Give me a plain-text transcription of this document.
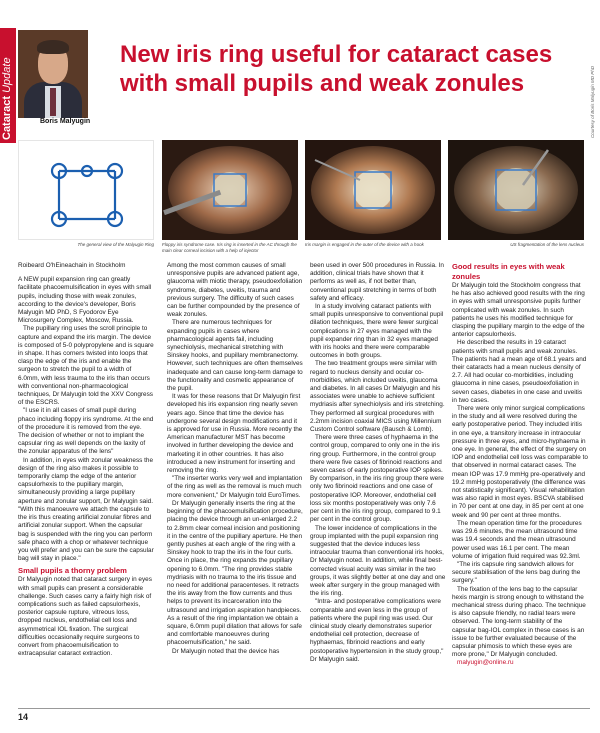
Cataract Update
Boris Malyugin
New iris ring useful for cataract cases with small pupils and weak zonules	Courtesy of Boris Malyugin MD PhD
The general view of the Malyugin Ring Floppy iris syndrome case. Iris ring is inserted in the AC through the main clear corneal incision with a help of injector
Iris margin is engaged in the outer of the device with a hook	US fragmentation of the lens nucleus
Roibeard O'hEineachain in Stockholm

A NEW pupil expansion ring can greatly facilitate phacoemulsification in eyes with small pupils, including those with weak zonules, according to the device's developer, Boris Malyugin MD PhD, S Fyodorov Eye Microsurgery Complex, Moscow, Russia.

The pupillary ring uses the scroll principle to capture and expand the iris margin. The device is composed of 5-0 polypropylene and is square in shape. It has corners twisted into loops that clasp the edge of the iris and enable the surgeon to stretch the pupil to a width of 6.0mm, with less trauma to the iris than occurs with conventional non-pharmacological techniques, Dr Malyugin told the XXV Congress of the ESCRS.

"I use it in all cases of small pupil during phaco including floppy iris syndrome. At the end of the procedure it is removed from the eye. The decision of whether or not to implant the capsular ring as well depends on the laxity of the zonular apparatus of the lens"

In addition, in eyes with zonular weakness the design of the ring also makes it possible to temporarily clamp the edge of the anterior capsulorhexis to the pupillary margin, simultaneously providing a large pupillary aperture and zonular support, Dr Malyugin said. "With this manoeuvre we attach the capsule to the iris thus creating artificial zonular fibres and artificial zonular support. When the capsular bag is suspended with the ring you can perform safe phaco with a chop or whatever technique you will prefer and you can be sure the capsular bag will stay in place."

Small pupils a thorny problem

Dr Malyugin noted that cataract surgery in eyes with small pupils can present a considerable challenge. Such cases carry a fairly high risk of complications such as failed capsulorhexis, posterior capsule rupture, vitreous loss, dropped nucleus, endothelial cell loss and asymmetrical IOL fixation. The surgical difficulties occasionally require surgeons to convert from phacoemulsification to extracapsular cataract extraction.

Among the most common causes of small unresponsive pupils are advanced patient age, glaucoma with miotic therapy, pseudoexfoliation syndrome, diabetes, uveitis, trauma and previous surgery. The difficulty of such cases can be further compounded by the presence of weak zonules.

There are numerous techniques for expanding pupils in cases where pharmacological agents fail, including synechiolysis, mechanical stretching with Sinskey hooks, and pupillary membranectomy. However, such techniques are often themselves inadequate and can cause long-term damage to the functionality and cosmetic appearance of the pupil.

It was for these reasons that Dr Malyugin first developed his iris expansion ring nearly seven years ago. Since that time the device has undergone several design modifications and it is approved for use in Russia. More recently the American manufacturer MST has become involved in further developing the device and marketing it in other countries. It has also introduced a new instrument for inserting and removing the ring.

"The inserter works very well and implantation of the ring as well as the removal is much much more convenient," Dr Malyugin told EuroTimes.

Dr Malyugin generally inserts the ring at the beginning of the phacoemulsification procedure, placing the device through an un-enlarged 2.2 to 2.8mm clear corneal incision and positioning it in the centre of the pupillary aperture. He then gently pushes at each angle of the ring with a Sinskey hook to trap the iris in the four curls. Once in place, the ring expands the pupillary opening to 6.0mm. "The ring provides stable mydriasis with no trauma to the iris tissue and no need for additional paracenteses. It retracts the iris away from the flow currents and thus helps to prevent its incarceration into the ultrasound and irrigation aspiration handpieces. As a result of the ring implantation we obtain a square, 6.0mm pupil dilation that allows for safe and comfortable manoeuvres during phacoemulsification," he said.

Dr Malyugin noted that the device has

been used in over 500 procedures in Russia. In addition, clinical trials have shown that it performs as well as, if not better than, conventional pupil stretching in terms of both safety and efficacy.

In a study involving cataract patients with small pupils unresponsive to conventional pupil dilation techniques, there were fewer surgical complications in 27 eyes managed with the pupil expander ring than in 32 eyes managed with iris hooks and there were comparable outcomes in both groups.

The two treatment groups were similar with regard to nucleus density and ocular co-morbidities, which included uveitis, glaucoma and diabetes. In all cases Dr Malyugin and his associates were unable to achieve sufficient mydriasis after synechiolysis and iris stretching. They performed all surgical procedures with 2.2mm incision coaxial MICS using Millennium Custom Control software (Bausch & Lomb).

There were three cases of hyphaema in the control group, compared to only one in the iris ring group. Furthermore, in the control group there were five cases of fibrinoid reactions and seven cases of early postoperative IOP spikes. By comparison, in the iris ring group there were only two fibrinoid reactions and one case of postoperative IOP. Moreover, endothelial cell loss six months postoperatively was only 7.6 per cent in the iris ring group, compared to 9.1 per cent in the control group.

The lower incidence of complications in the group implanted with the pupil expansion ring suggested that the device induces less intraocular trauma than conventional iris hooks, Dr Malyugin noted. In addition, while final best-corrected visual acuity was similar in the two groups, it was slightly better at one day and one week after surgery in the group managed with the iris ring.

"Intra- and postoperative complications were comparable and even less in the group of patients where the pupil ring was used. Our clinical study clearly demonstrates superior endothelial cell protection, decrease of hyphaemas, fibrinoid reactions and early postoperative hypertension in the study group," Dr Malyugin said.

Good results in eyes with weak zonules

Dr Malyugin told the Stockholm congress that he has also achieved good results with the ring in eyes with small unresponsive pupils further complicated with weak zonules. In such patients he uses his modified technique for clasping the pupillary margin to the edge of the anterior capsulorhexis.

He described the results in 19 cataract patients with small pupils and weak zonules. The patients had a mean age of 68.1 years and their cataracts had a mean nucleus density of 2.7. All had ocular co-morbidities, including glaucoma in nine cases, pseudoexfoliation in seven cases, diabetes in one case and uveitis in two cases.

There were only minor surgical complications in the study and all were resolved during the early postoperative period. They included iritis in one eye, a transitory increase in intraocular pressure in three eyes, and micro-hyphaema in one eye. In general, the effect of the surgery on IOP and endothelial cell loss was comparable to that observed in normal cataract cases. The mean IOP was 17.9 mmHg pre-operatively and 19.2 mmHg postoperatively (the difference was not statistically significant). Visual rehabilitation was also rapid in most eyes. BSCVA stabilised in 70 per cent at one day, in 85 per cent at one week and 90 per cent at three months.

The mean operation time for the procedures was 29.6 minutes, the mean ultrasound time was 19.4 seconds and the mean ultrasound power used was 16.1 per cent. The mean volume of irrigation fluid required was 92.3ml.

"The iris capsule ring sandwich allows for secure stabilisation of the lens bag during the surgery."

The fixation of the lens bag to the capsular hexis margin is strong enough to withstand the mechanical stress during phaco. The technique is also capsule friendly, no radial tears were observed. The long-term stability of the capsular bag-IOL complex in these cases is an issue to be further evaluated because of the capsular phimosis to which these eyes are more prone," Dr Malyugin concluded.

malyugin@online.ru

14
